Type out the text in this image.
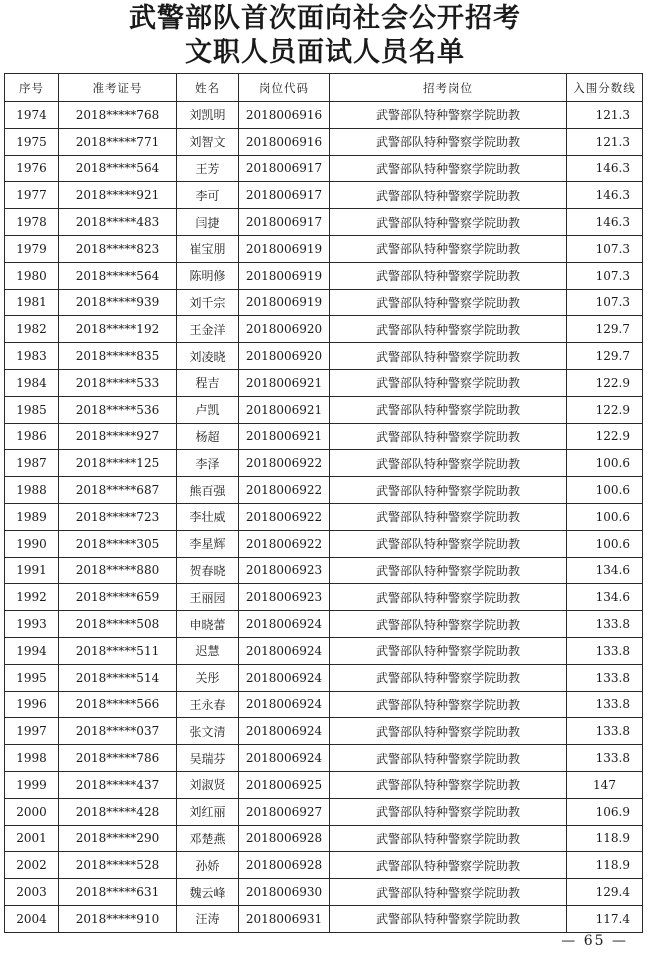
武警部队首次面向社会公开招考
文职人员面试人员名单
序号	准考证号	姓名	岗位代码	招考岗位	入围分数线
1974	2018*****768	刘凯明	2018006916	武警部队特种警察学院助教	121.3
1975	2018*****771	刘智文	2018006916	武警部队特种警察学院助教	121.3
1976	2018*****564	王芳	2018006917	武警部队特种警察学院助教	146.3
1977	2018*****921	李可	2018006917	武警部队特种警察学院助教	146.3
1978	2018*****483	闫捷	2018006917	武警部队特种警察学院助教	146.3
1979	2018*****823	崔宝朋	2018006919	武警部队特种警察学院助教	107.3
1980	2018*****564	陈明修	2018006919	武警部队特种警察学院助教	107.3
1981	2018*****939	刘千宗	2018006919	武警部队特种警察学院助教	107.3
1982	2018*****192	王金洋	2018006920	武警部队特种警察学院助教	129.7
1983	2018*****835	刘凌晓	2018006920	武警部队特种警察学院助教	129.7
1984	2018*****533	程吉	2018006921	武警部队特种警察学院助教	122.9
1985	2018*****536	卢凯	2018006921	武警部队特种警察学院助教	122.9
1986	2018*****927	杨超	2018006921	武警部队特种警察学院助教	122.9
1987	2018*****125	李泽	2018006922	武警部队特种警察学院助教	100.6
1988	2018*****687	熊百强	2018006922	武警部队特种警察学院助教	100.6
1989	2018*****723	李壮威	2018006922	武警部队特种警察学院助教	100.6
1990	2018*****305	李星辉	2018006922	武警部队特种警察学院助教	100.6
1991	2018*****880	贺春晓	2018006923	武警部队特种警察学院助教	134.6
1992	2018*****659	王丽园	2018006923	武警部队特种警察学院助教	134.6
1993	2018*****508	申晓蕾	2018006924	武警部队特种警察学院助教	133.8
1994	2018*****511	迟慧	2018006924	武警部队特种警察学院助教	133.8
1995	2018*****514	关彤	2018006924	武警部队特种警察学院助教	133.8
1996	2018*****566	王永春	2018006924	武警部队特种警察学院助教	133.8
1997	2018*****037	张文清	2018006924	武警部队特种警察学院助教	133.8
1998	2018*****786	吴瑞芬	2018006924	武警部队特种警察学院助教	133.8
1999	2018*****437	刘淑贤	2018006925	武警部队特种警察学院助教	147
2000	2018*****428	刘红丽	2018006927	武警部队特种警察学院助教	106.9
2001	2018*****290	邓楚燕	2018006928	武警部队特种警察学院助教	118.9
2002	2018*****528	孙娇	2018006928	武警部队特种警察学院助教	118.9
2003	2018*****631	魏云峰	2018006930	武警部队特种警察学院助教	129.4
2004	2018*****910	汪涛	2018006931	武警部队特种警察学院助教	117.4
— 65 —
